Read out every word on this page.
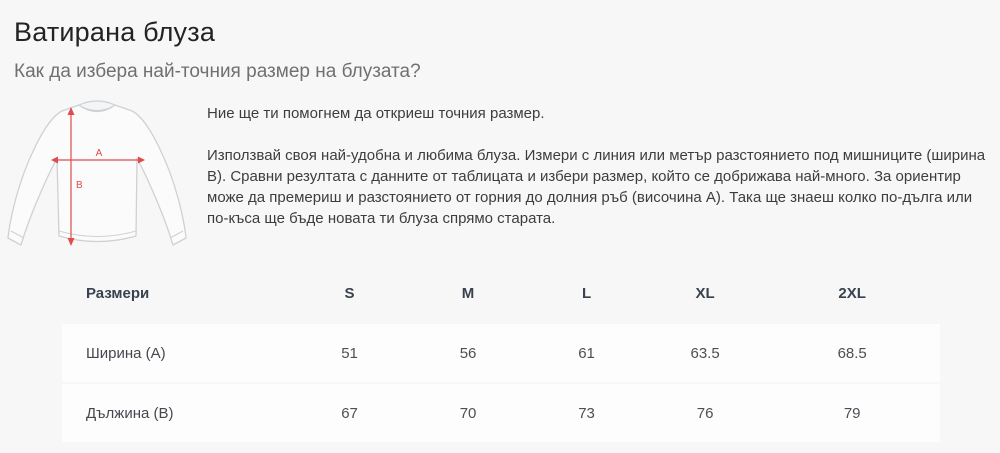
Ватирана блуза
Как да избера най-точния размер на блузата?
A
B

Ние ще ти помогнем да откриеш точния размер.

Използвай своя най-удобна и любима блуза. Измери с линия или метър разстоянието под мишниците (ширина В). Сравни резултата с данните от таблицата и избери размер, който се добрижава най-много. За ориентир може да премериш и разстоянието от горния до долния ръб (височина А). Така ще знаеш колко по-дълга или по-къса ще бъде новата ти блуза спрямо старата.

Размери	S	M	L	XL	2XL
Ширина (А)	51	56	61	63.5	68.5
Дължина (В)	67	70	73	76	79
